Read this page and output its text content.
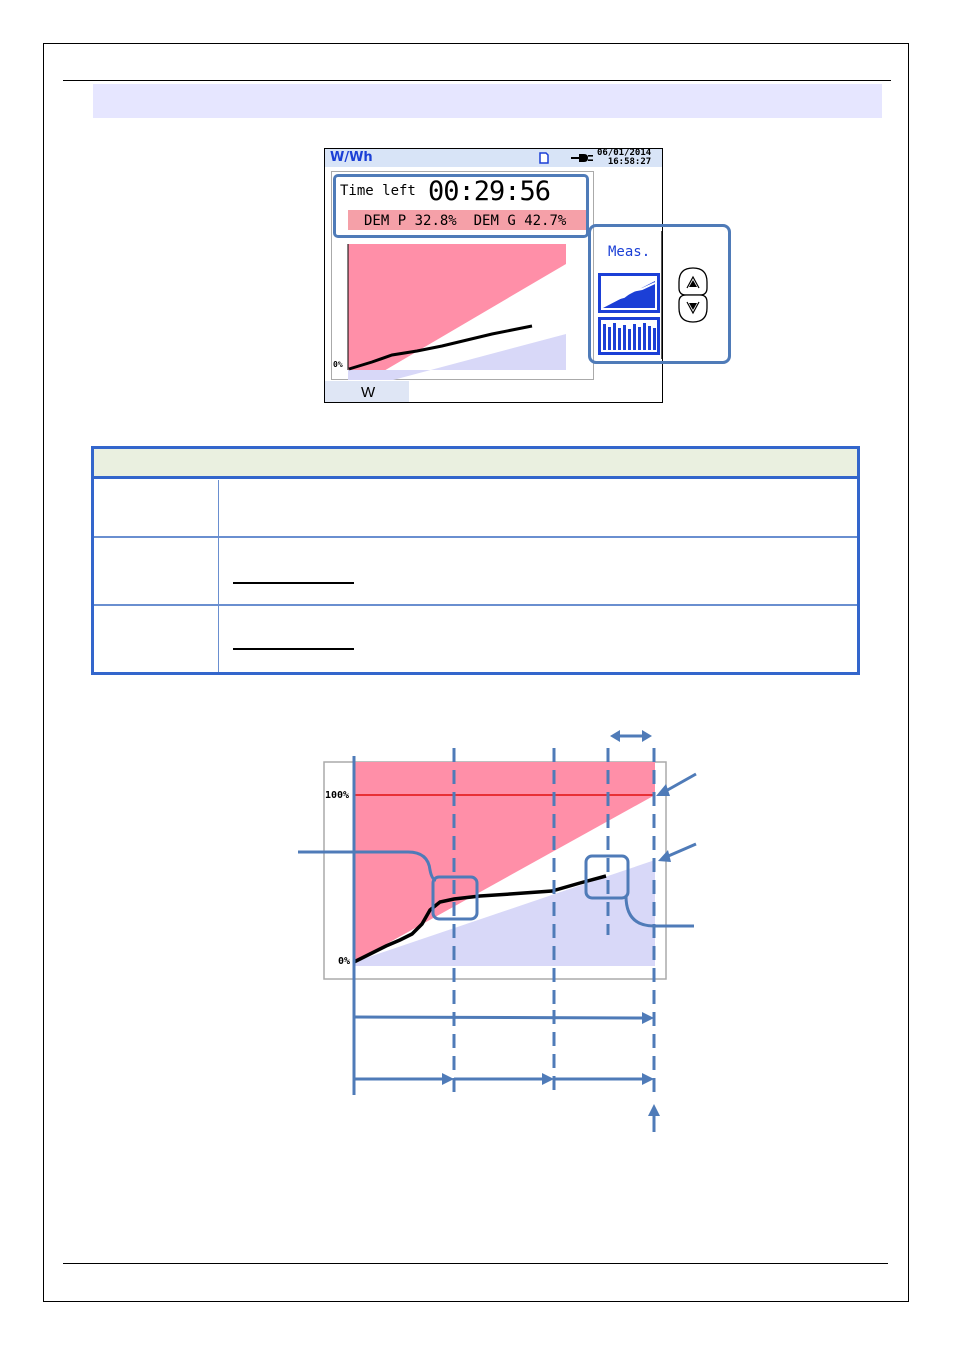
W/Wh	06/01/2014
16:58:27
0%
Time left 00:29:56
DEM P 32.8% DEM G 42.7%
Meas.
W
100%
0%
